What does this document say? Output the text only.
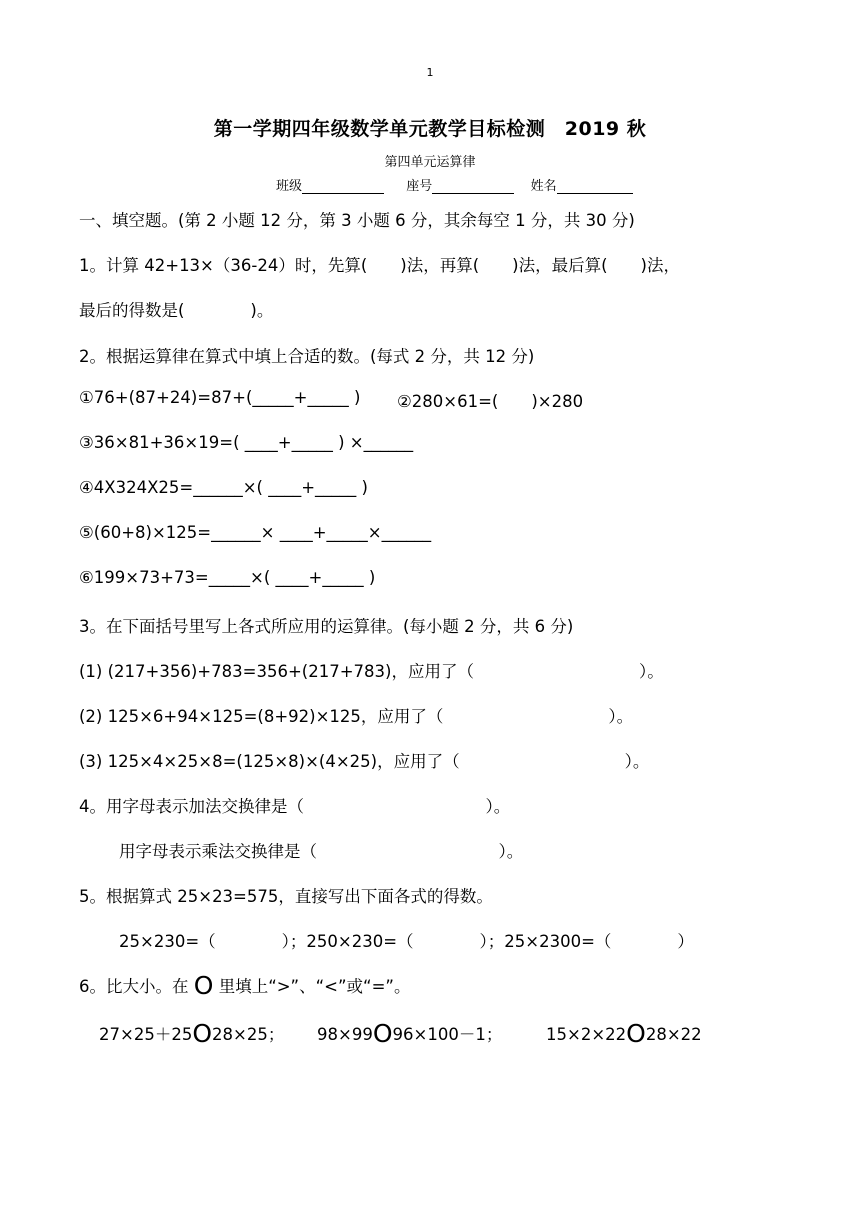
1
第一学期四年级数学单元教学目标检测　2019 秋
第四单元运算律
班级	座号	姓名
一、填空题。(第 2 小题 12 分，第 3 小题 6 分，其余每空 1 分，共 30 分)
1。计算 42+13×（36-24）时，先算(　　)法，再算(　　)法，最后算(　　)法，
最后的得数是(　　　　)。
2。根据运算律在算式中填上合适的数。(每式 2 分，共 12 分)
①76+(87+24)=87+(_____+_____ ) ②280×61=(　　)×280
③36×81+36×19=( ____+_____ ) ×______
④4X324X25=______×( ____+_____ )
⑤(60+8)×125=______× ____+_____×______
⑥199×73+73=_____×( ____+_____ )
3。在下面括号里写上各式所应用的运算律。(每小题 2 分，共 6 分)
(1) (217+356)+783=356+(217+783)，应用了（　　　　　　　　　　）。
(2) 125×6+94×125=(8+92)×125，应用了（　　　　　　　　　　）。
(3) 125×4×25×8=(125×8)×(4×25)，应用了（　　　　　　　　　　）。
4。用字母表示加法交换律是（　　　　　　　　　　　）。
用字母表示乘法交换律是（　　　　　　　　　　　）。
5。根据算式 25×23=575，直接写出下面各式的得数。
25×230=（　　　　）；250×230=（　　　　）；25×2300=（　　　　）
6。比大小。在 O 里填上“>”、“<”或“=”。
27×25＋25O28×25； 98×99O96×100－1；	15×2×22O28×22
